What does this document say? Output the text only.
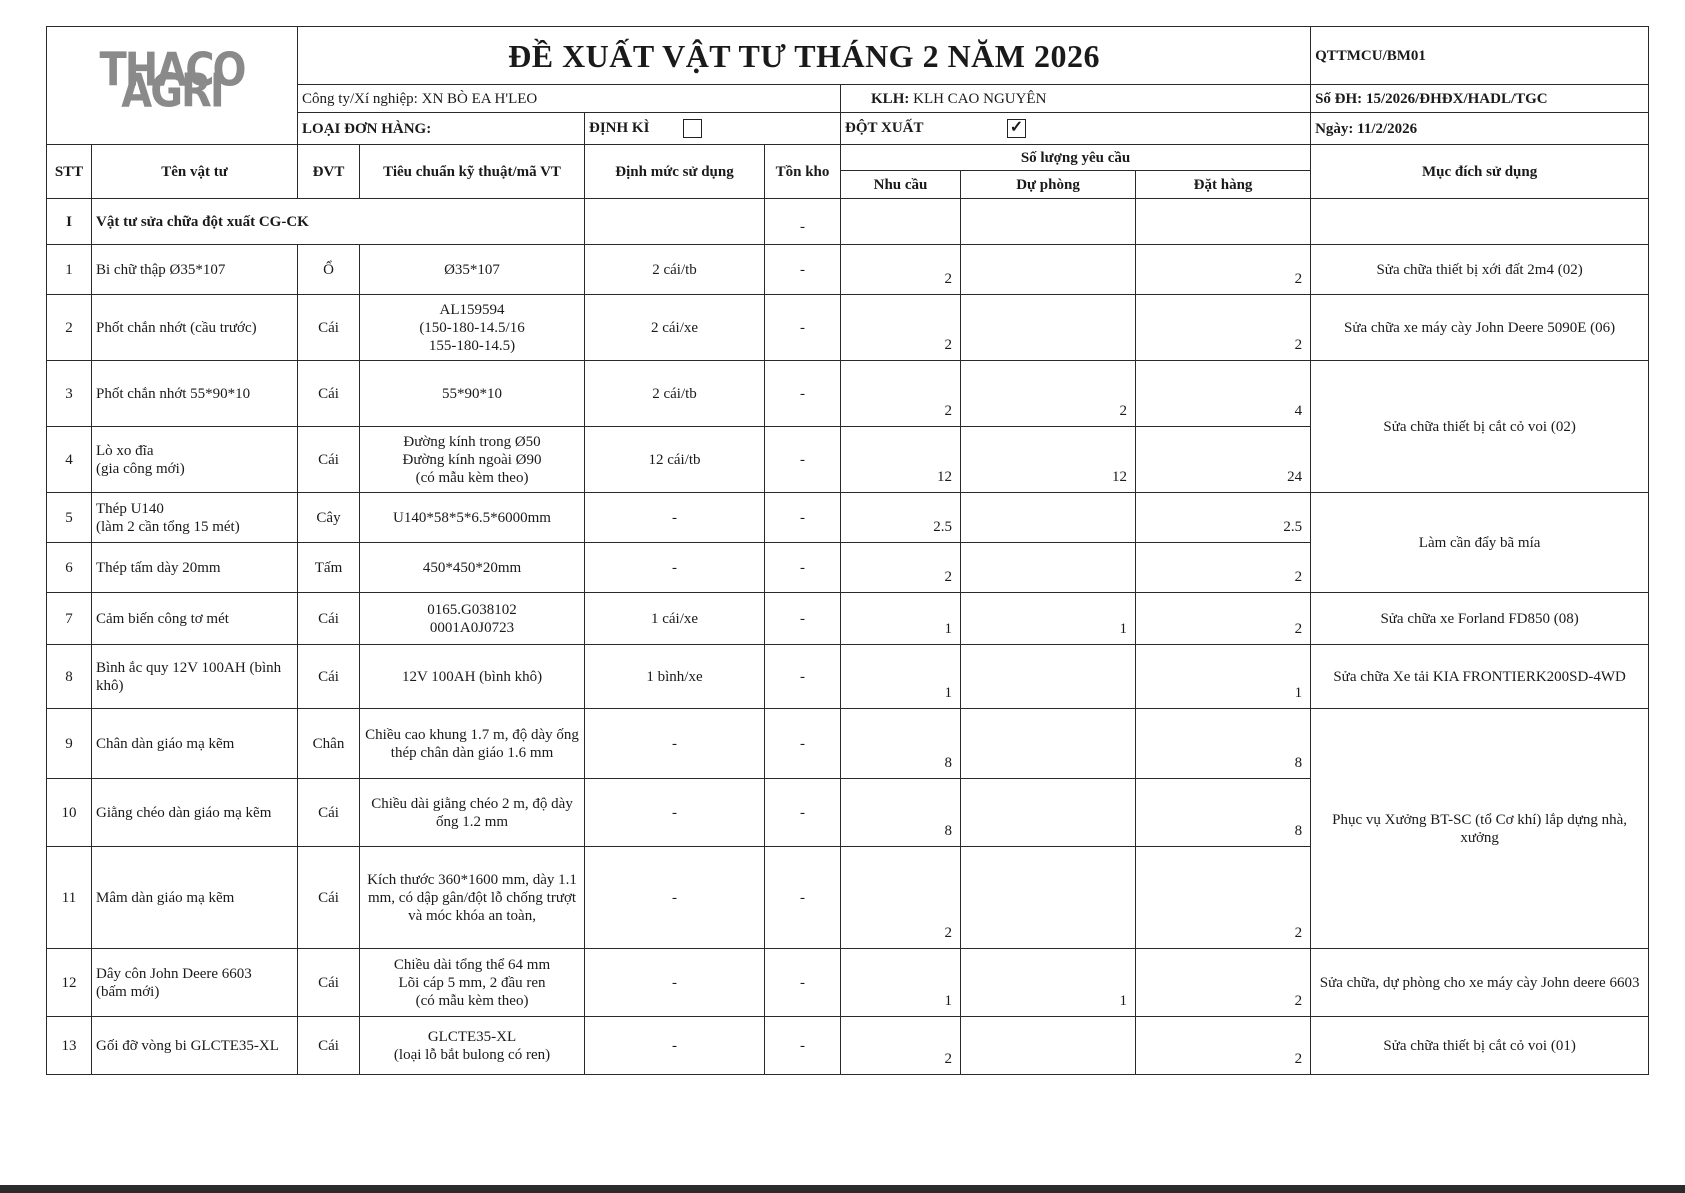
THACO AGRI		ĐỀ XUẤT VẬT TƯ THÁNG 2 NĂM 2026							QTTMCU/BM01
		Công ty/Xí nghiệp: XN BÒ EA H'LEO				KLH: KLH CAO NGUYÊN			Số ĐH: 15/2026/ĐHĐX/HADL/TGC
		LOẠI ĐƠN HÀNG:		ĐỊNH KÌ		ĐỘT XUẤT ✓			Ngày: 11/2/2026
STT	Tên vật tư	ĐVT	Tiêu chuẩn kỹ thuật/mã VT	Định mức sử dụng	Tồn kho	Số lượng yêu cầu			Mục đích sử dụng
						Nhu cầu	Dự phòng	Đặt hàng	
I	Vật tư sửa chữa đột xuất CG-CK				-				
1	Bi chữ thập Ø35*107	Ổ	Ø35*107	2 cái/tb	-	2		2	Sửa chữa thiết bị xới đất 2m4 (02)
2	Phốt chắn nhớt (cầu trước)	Cái	AL159594
(150-180-14.5/16
155-180-14.5)	2 cái/xe	-	2		2	Sửa chữa xe máy cày John Deere 5090E (06)
3	Phốt chắn nhớt 55*90*10	Cái	55*90*10	2 cái/tb	-	2	2	4	Sửa chữa thiết bị cắt cỏ voi (02)
4	Lò xo đĩa
(gia công mới)	Cái	Đường kính trong Ø50
Đường kính ngoài Ø90
(có mẫu kèm theo)	12 cái/tb	-	12	12	24	
5	Thép U140
(làm 2 cần tổng 15 mét)	Cây	U140*58*5*6.5*6000mm	-	-	2.5		2.5	Làm cần đẩy bã mía
6	Thép tấm dày 20mm	Tấm	450*450*20mm	-	-	2		2	
7	Cảm biến công tơ mét	Cái	0165.G038102
0001A0J0723	1 cái/xe	-	1	1	2	Sửa chữa xe Forland FD850 (08)
8	Bình ắc quy 12V 100AH (bình khô)	Cái	12V 100AH (bình khô)	1 bình/xe	-	1		1	Sửa chữa Xe tải KIA FRONTIERK200SD-4WD
9	Chân dàn giáo mạ kẽm	Chân	Chiều cao khung 1.7 m, độ dày ống thép chân dàn giáo 1.6 mm	-	-	8		8	Phục vụ Xưởng BT-SC (tổ Cơ khí) lắp dựng nhà, xưởng
10	Giằng chéo dàn giáo mạ kẽm	Cái	Chiều dài giằng chéo 2 m, độ dày ống 1.2 mm	-	-	8		8	
11	Mâm dàn giáo mạ kẽm	Cái	Kích thước 360*1600 mm, dày 1.1 mm, có dập gân/đột lỗ chống trượt và móc khóa an toàn,	-	-	2		2	
12	Dây côn John Deere 6603
(bấm mới)	Cái	Chiều dài tổng thể 64 mm
Lõi cáp 5 mm, 2 đầu ren
(có mẫu kèm theo)	-	-	1	1	2	Sửa chữa, dự phòng cho xe máy cày John deere 6603
13	Gối đỡ vòng bi GLCTE35-XL	Cái	GLCTE35-XL
(loại lỗ bắt bulong có ren)	-	-	2		2	Sửa chữa thiết bị cắt cỏ voi (01)
